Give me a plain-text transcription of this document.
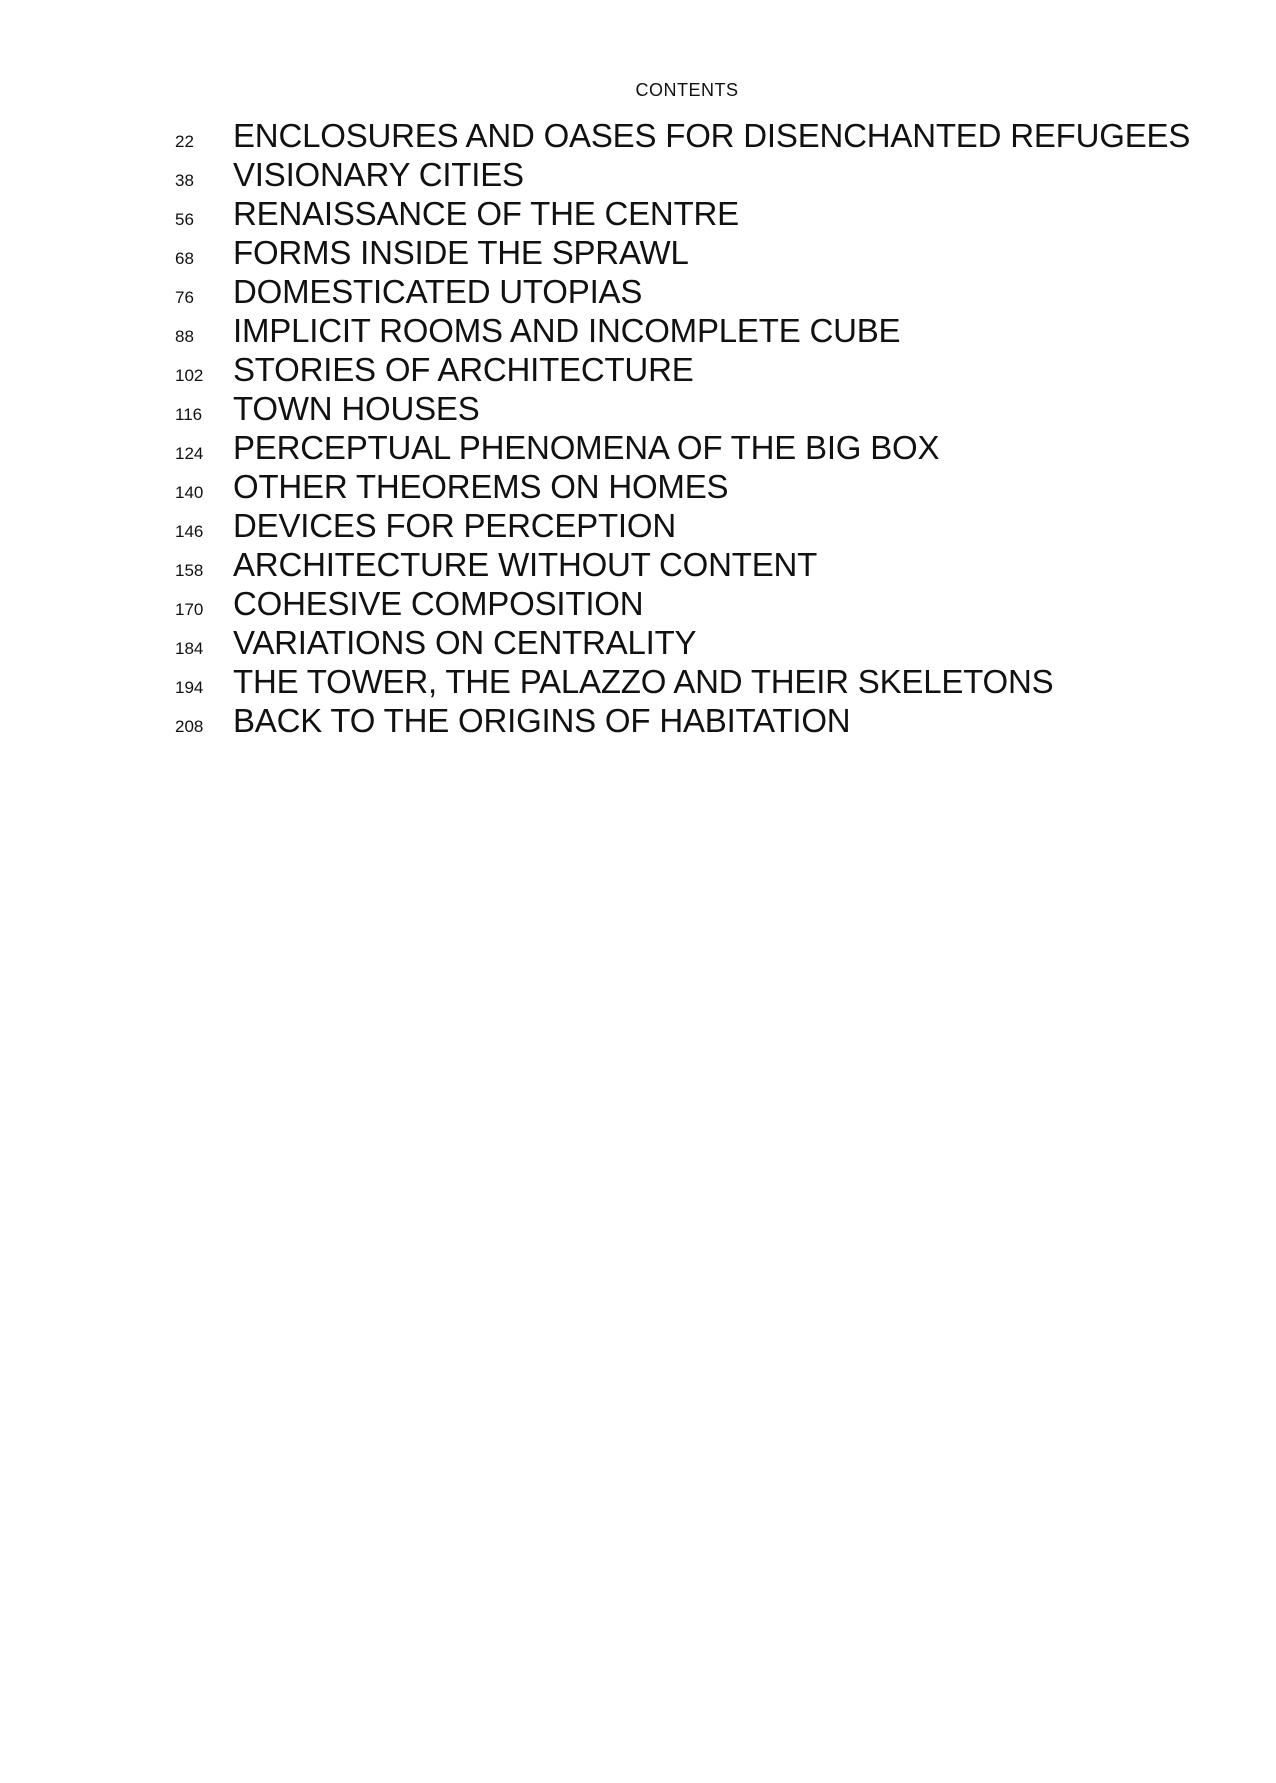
CONTENTS
22 ENCLOSURES AND OASES FOR DISENCHANTED REFUGEES
38 VISIONARY CITIES
56 RENAISSANCE OF THE CENTRE
68 FORMS INSIDE THE SPRAWL
76 DOMESTICATED UTOPIAS
88 IMPLICIT ROOMS AND INCOMPLETE CUBE
102 STORIES OF ARCHITECTURE
116 TOWN HOUSES
124 PERCEPTUAL PHENOMENA OF THE BIG BOX
140 OTHER THEOREMS ON HOMES
146 DEVICES FOR PERCEPTION
158 ARCHITECTURE WITHOUT CONTENT
170 COHESIVE COMPOSITION
184 VARIATIONS ON CENTRALITY
194 THE TOWER, THE PALAZZO AND THEIR SKELETONS
208 BACK TO THE ORIGINS OF HABITATION
